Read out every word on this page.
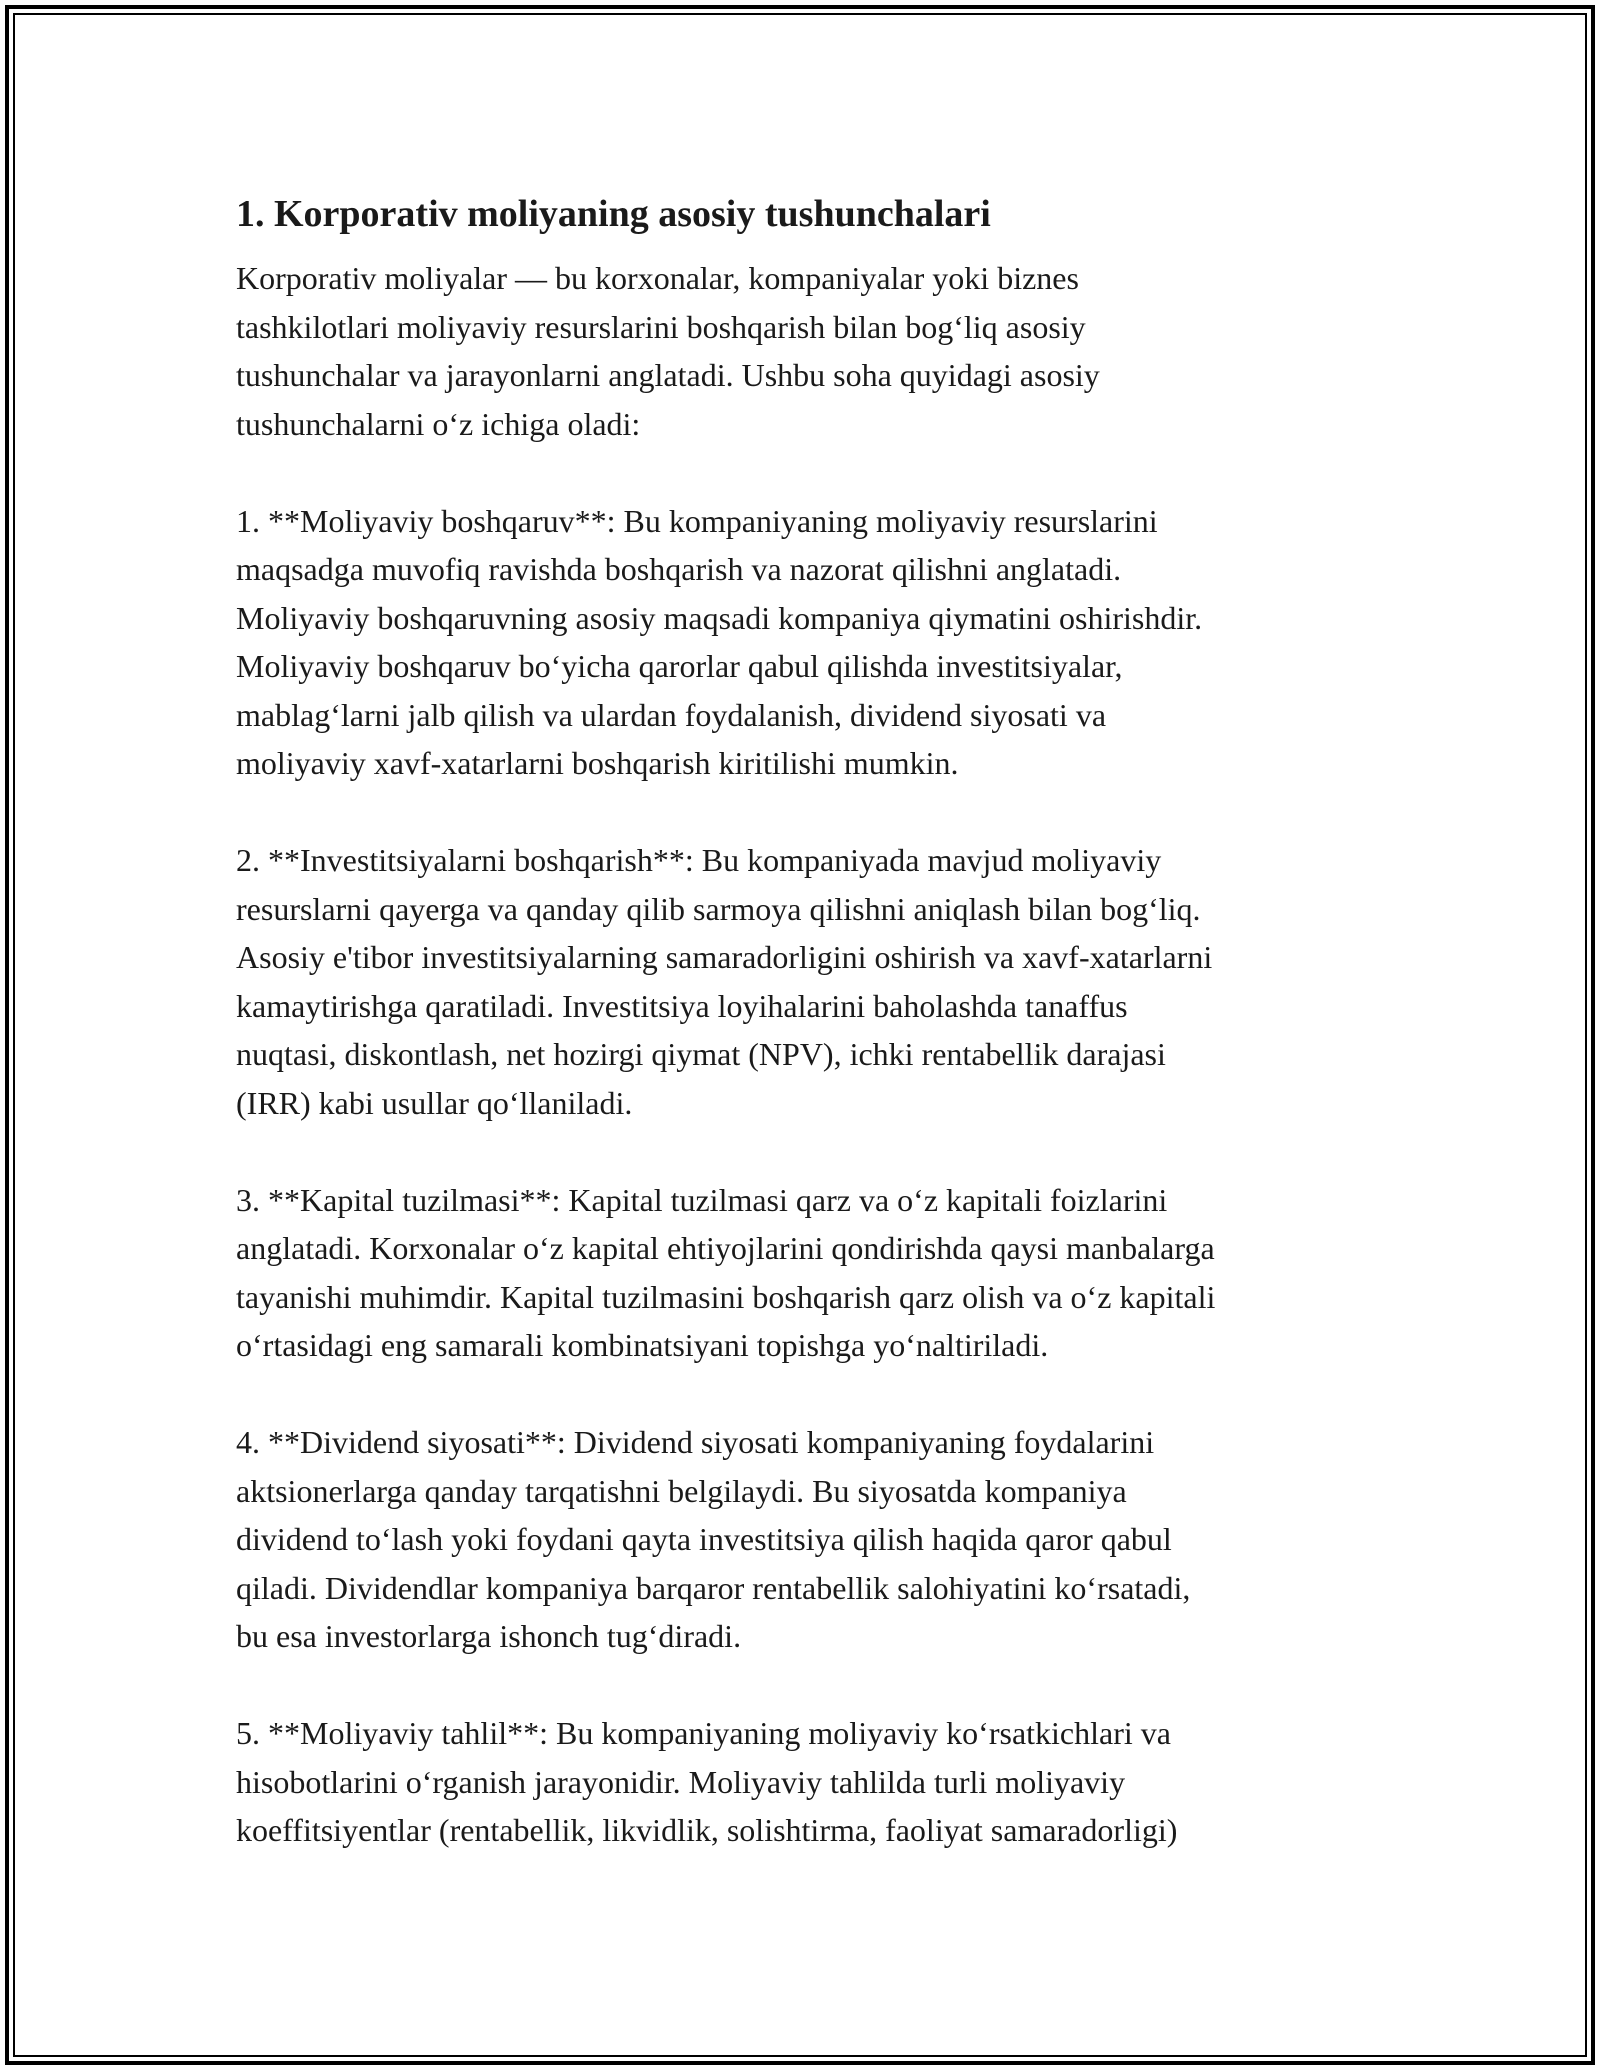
1. Korporativ moliyaning asosiy tushunchalari

Korporativ moliyalar — bu korxonalar, kompaniyalar yoki biznes
tashkilotlari moliyaviy resurslarini boshqarish bilan bog‘liq asosiy
tushunchalar va jarayonlarni anglatadi. Ushbu soha quyidagi asosiy
tushunchalarni o‘z ichiga oladi:

1. **Moliyaviy boshqaruv**: Bu kompaniyaning moliyaviy resurslarini
maqsadga muvofiq ravishda boshqarish va nazorat qilishni anglatadi.
Moliyaviy boshqaruvning asosiy maqsadi kompaniya qiymatini oshirishdir.
Moliyaviy boshqaruv bo‘yicha qarorlar qabul qilishda investitsiyalar,
mablag‘larni jalb qilish va ulardan foydalanish, dividend siyosati va
moliyaviy xavf-xatarlarni boshqarish kiritilishi mumkin.

2. **Investitsiyalarni boshqarish**: Bu kompaniyada mavjud moliyaviy
resurslarni qayerga va qanday qilib sarmoya qilishni aniqlash bilan bog‘liq.
Asosiy e'tibor investitsiyalarning samaradorligini oshirish va xavf-xatarlarni
kamaytirishga qaratiladi. Investitsiya loyihalarini baholashda tanaffus
nuqtasi, diskontlash, net hozirgi qiymat (NPV), ichki rentabellik darajasi
(IRR) kabi usullar qo‘llaniladi.

3. **Kapital tuzilmasi**: Kapital tuzilmasi qarz va o‘z kapitali foizlarini
anglatadi. Korxonalar o‘z kapital ehtiyojlarini qondirishda qaysi manbalarga
tayanishi muhimdir. Kapital tuzilmasini boshqarish qarz olish va o‘z kapitali
o‘rtasidagi eng samarali kombinatsiyani topishga yo‘naltiriladi.

4. **Dividend siyosati**: Dividend siyosati kompaniyaning foydalarini
aktsionerlarga qanday tarqatishni belgilaydi. Bu siyosatda kompaniya
dividend to‘lash yoki foydani qayta investitsiya qilish haqida qaror qabul
qiladi. Dividendlar kompaniya barqaror rentabellik salohiyatini ko‘rsatadi,
bu esa investorlarga ishonch tug‘diradi.

5. **Moliyaviy tahlil**: Bu kompaniyaning moliyaviy ko‘rsatkichlari va
hisobotlarini o‘rganish jarayonidir. Moliyaviy tahlilda turli moliyaviy
koeffitsiyentlar (rentabellik, likvidlik, solishtirma, faoliyat samaradorligi)
